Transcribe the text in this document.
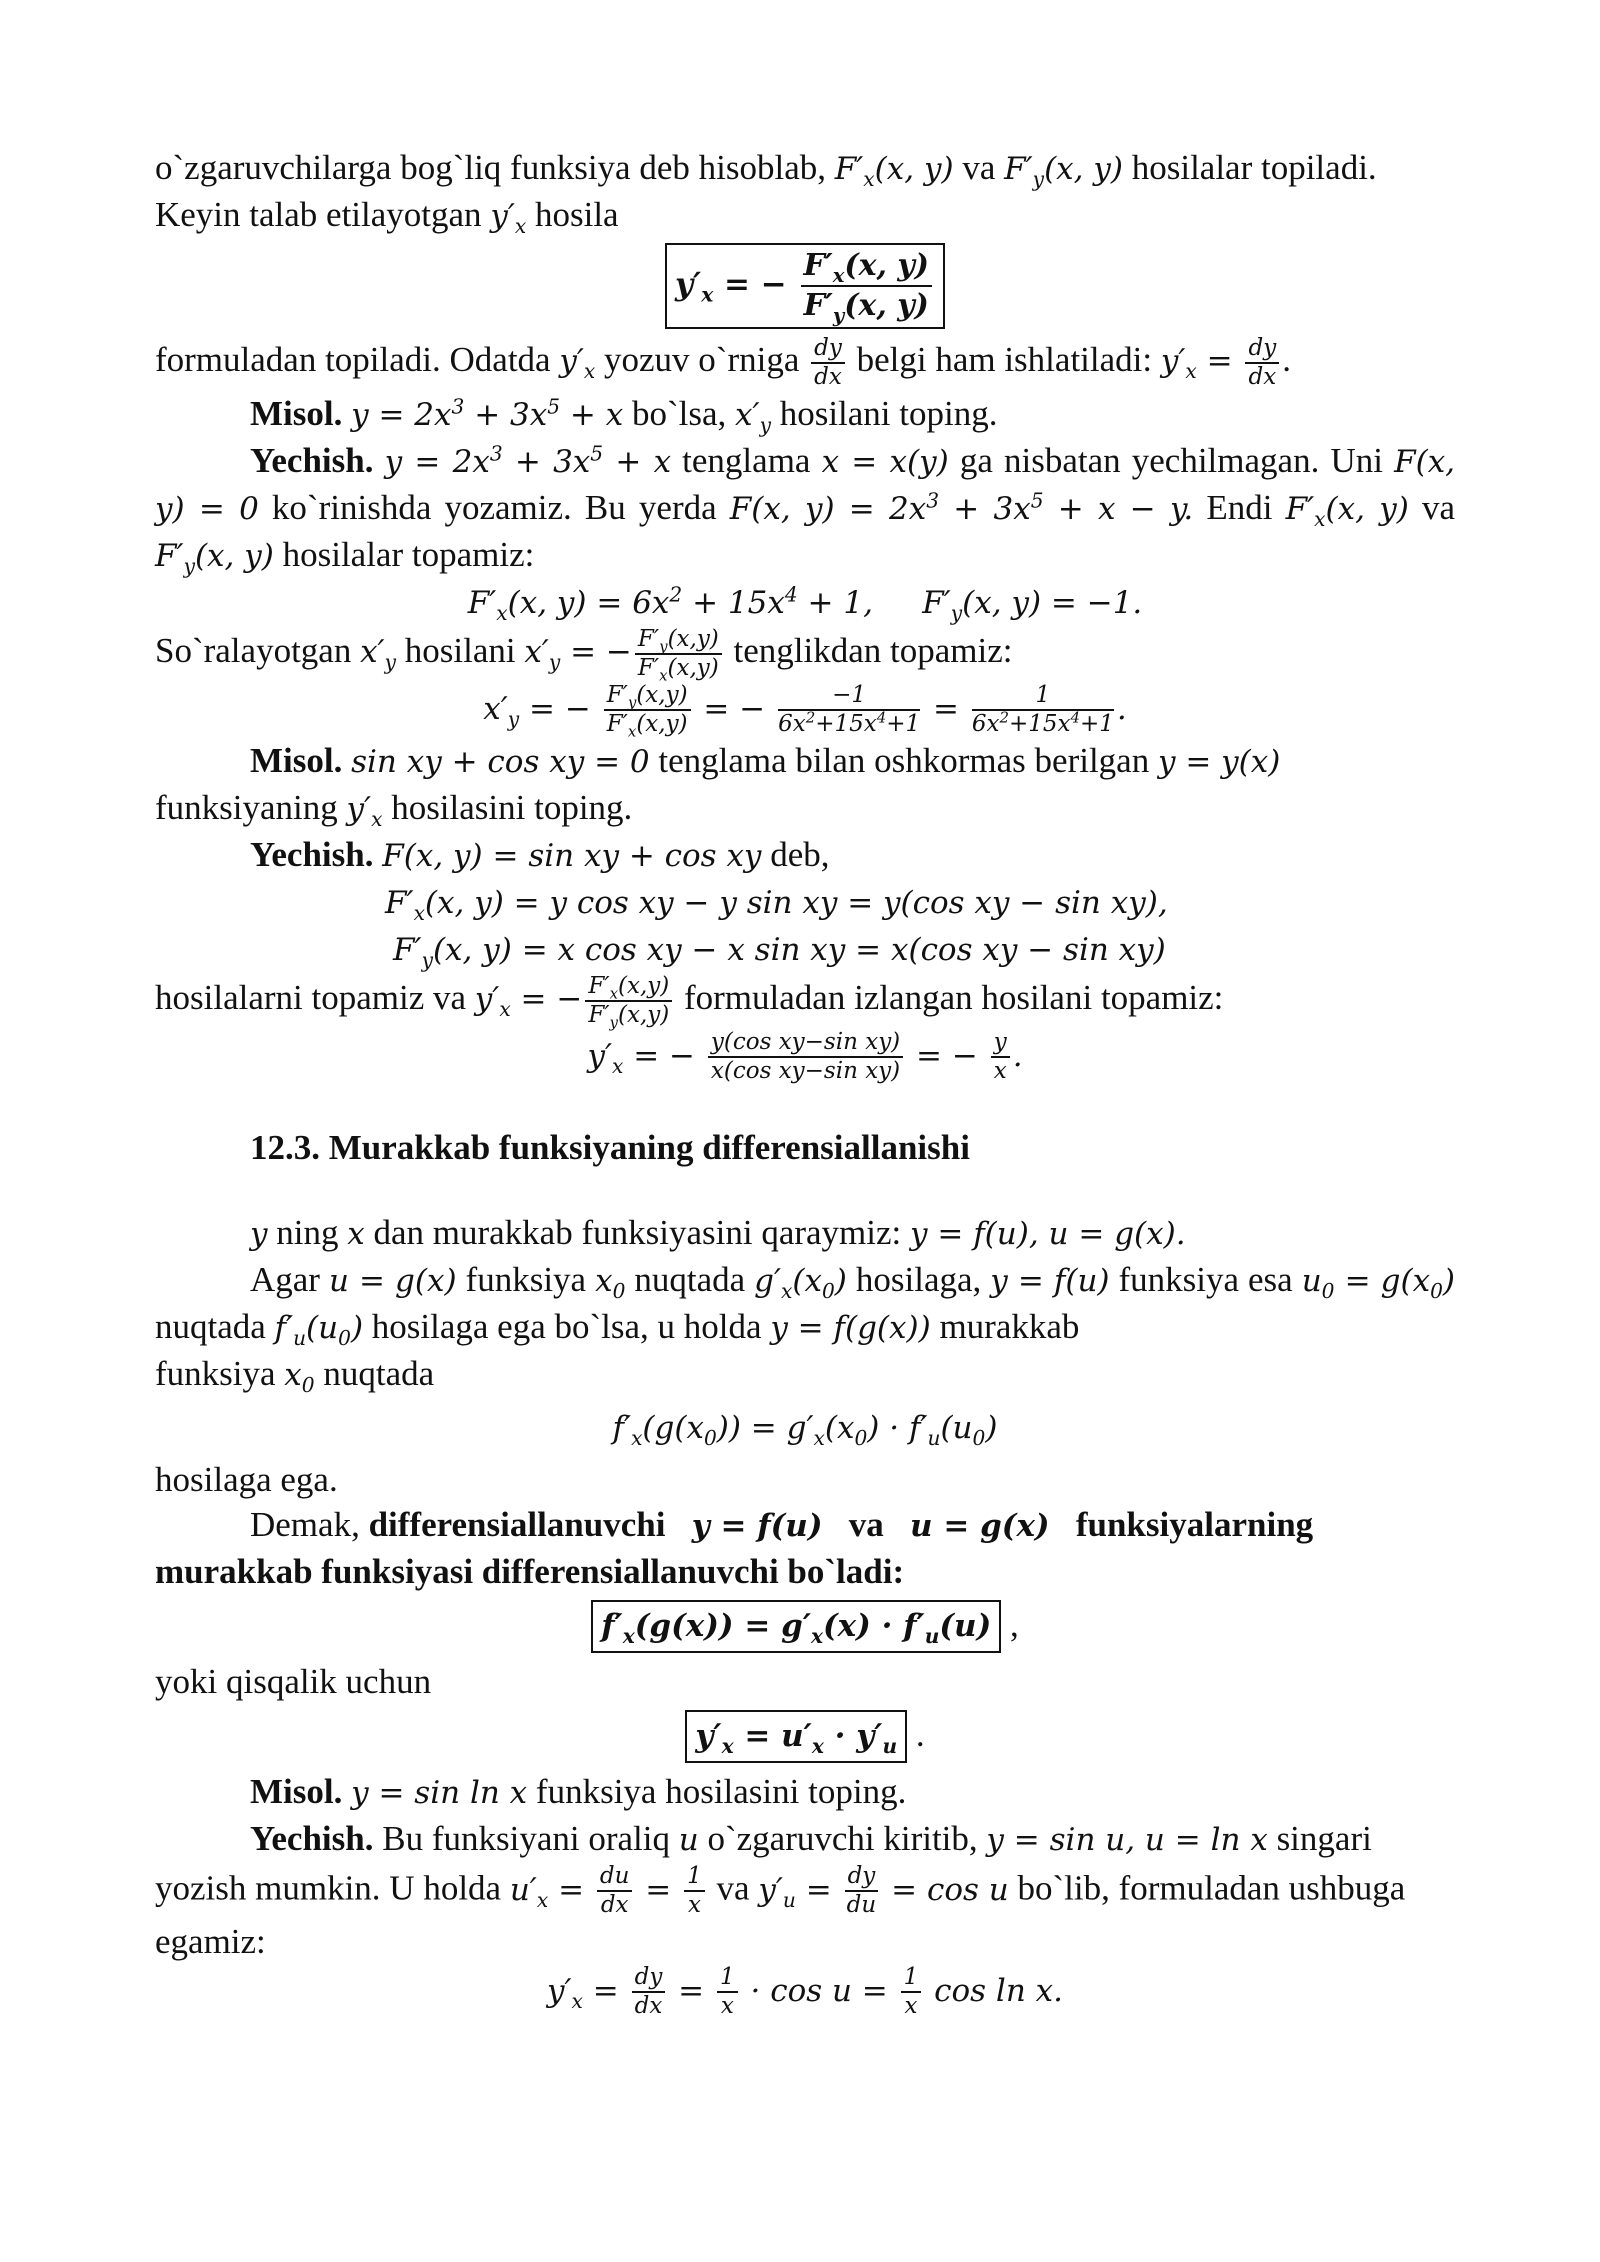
o`zgaruvchilarga bog`liq funksiya deb hisoblab, $F'_x(x$, y) va $F'_y(x$, y) hosilalar topiladi.

Keyin talab etilayotgan $y'_x$ hosila

$y'_x$ = − $\frac{F'_x(x, y)}{F'_y(x, y)}$

formuladan topiladi. Odatda $y'_x$ yozuv o`rniga $\frac{dy}{dx}$ belgi ham ishlatiladi: $y'_x = \frac{dy}{dx}$ .

Misol. $y = 2x^3 + 3x^5 + x$ bo`lsa, $x'_y$ hosilani toping.

Yechish. $y = 2x^3 + 3x^5 + x$ tenglama x = x(y) ga nisbatan yechilmagan. Uni F(x, y) = 0 ko`rinishda yozamiz. Bu yerda F(x, $y) = 2x^3 + 3x^5 + x - y$. Endi $F'_x(x$, y) va $F'_y(x$, y) hosilalar topamiz:

$F'_x(x$, $y) = 6x^2 + 15x^4 + 1$,     $F'_y(x$, y) = −1.

So`ralayotgan $x'_y$ hosilani $x'_y$ = − $\frac{F'_y(x,y)}{F'_x(x,y)}$ tenglikdan topamiz:

$x'_y$ = − $\frac{F'_y(x,y)}{F'_x(x,y)}$ = − $\frac{-1}{6x^2+15x^4+1} = \frac{1}{6x^2+15x^4+1}$ .

Misol. sin xy + cos xy = 0 tenglama bilan oshkormas berilgan y = y(x)

funksiyaning $y'_x$ hosilasini toping.

Yechish. F(x, y) = sin xy + cos xy deb,

$F'_x(x$, y) = y cos xy − y sin xy = y(cos xy − sin xy),

$F'_y(x$, y) = x cos xy − x sin xy = x(cos xy − sin xy)

hosilalarni topamiz va $y'_x$ = − $\frac{F'_x(x,y)}{F'_y(x,y)}$ formuladan izlangan hosilani topamiz:

$y'_x$ = − $\frac{\text{y(cos xy−sin xy)}}{\text{x(cos xy−sin xy)}}$ = − $\frac{y}{x}$ .

12.3. Murakkab funksiyaning differensiallanishi

y ning x dan murakkab funksiyasini qaraymiz: y = f(u), u = g(x).

Agar u = g(x) funksiya $x_0$ nuqtada $g'_x(x_0)$ hosilaga, y = f(u) funksiya esa $u_0 = g(x_0)$ nuqtada $f'_u(u_0)$ hosilaga ega bo`lsa, u holda y = f(g(x)) murakkab

funksiya $x_0$ nuqtada

$f'_x(g(x_0)) = g'_x(x_0) \cdot f'_u(u_0)$

hosilaga ega.

Demak, differensiallanuvchi y = f(u) va u = g(x) funksiyalarning

murakkab funksiyasi differensiallanuvchi bo`ladi:

$f'_x(g(x)) = g'_x(x) \cdot f'_u(u)$ ,

yoki qisqalik uchun

$y'_x = u'_x \cdot y'_u$ .

Misol. y = sin ln x funksiya hosilasini toping.

Yechish. Bu funksiyani oraliq u o`zgaruvchi kiritib, y = sin u, u = ln x singari

yozish mumkin. U holda $u'_x = \frac{du}{dx} = \frac{1}{x}$ va $y'_u = \frac{dy}{du} = \cos u$ bo`lib, formuladan ushbuga

egamiz:

$y'_x = \frac{dy}{dx} = \frac{1}{x} \cdot \cos u = \frac{1}{x}$ cos ln x.
